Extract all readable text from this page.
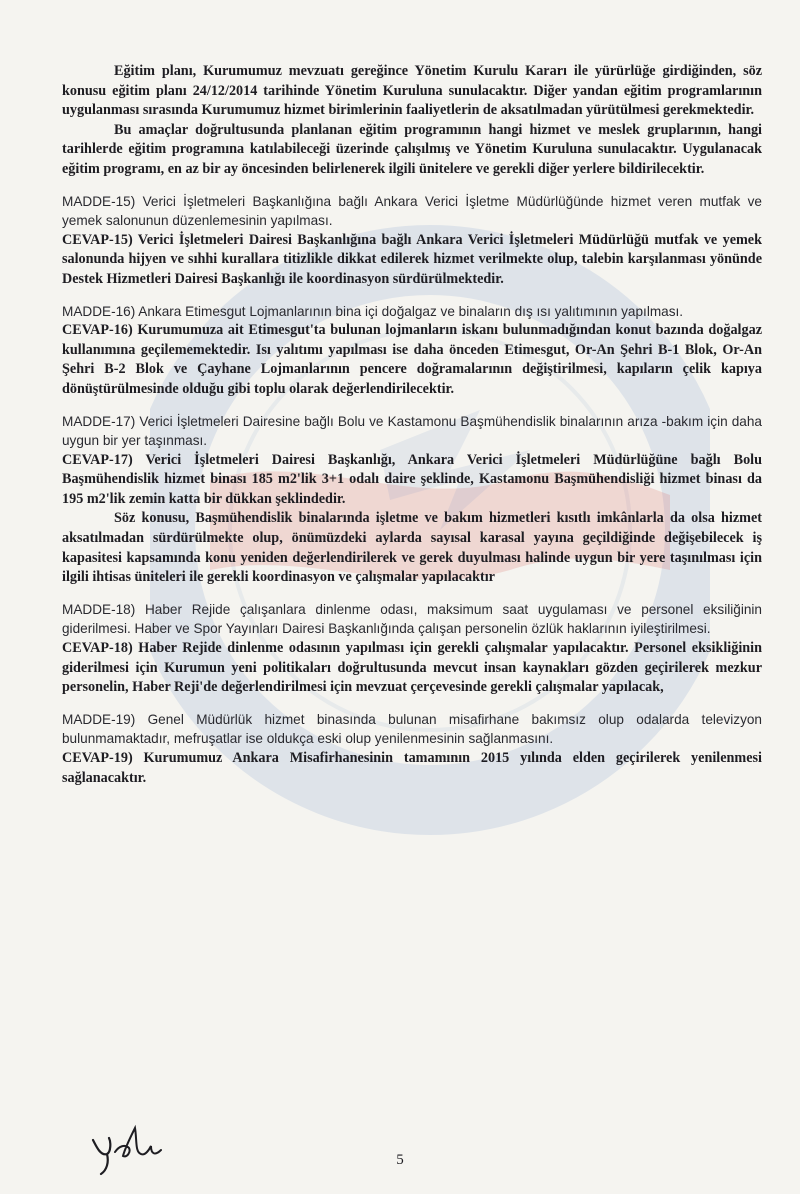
Eğitim planı, Kurumumuz mevzuatı gereğince Yönetim Kurulu Kararı ile yürürlüğe girdiğinden, söz konusu eğitim planı 24/12/2014 tarihinde Yönetim Kuruluna sunulacaktır. Diğer yandan eğitim programlarının uygulanması sırasında Kurumumuz hizmet birimlerinin faaliyetlerin de aksatılmadan yürütülmesi gerekmektedir.

Bu amaçlar doğrultusunda planlanan eğitim programının hangi hizmet ve meslek gruplarının, hangi tarihlerde eğitim programına katılabileceği üzerinde çalışılmış ve Yönetim Kuruluna sunulacaktır. Uygulanacak eğitim programı, en az bir ay öncesinden belirlenerek ilgili ünitelere ve gerekli diğer yerlere bildirilecektir.

MADDE-15) Verici İşletmeleri Başkanlığına bağlı Ankara Verici İşletme Müdürlüğünde hizmet veren mutfak ve yemek salonunun düzenlemesinin yapılması.

CEVAP-15) Verici İşletmeleri Dairesi Başkanlığına bağlı Ankara Verici İşletmeleri Müdürlüğü mutfak ve yemek salonunda hijyen ve sıhhi kurallara titizlikle dikkat edilerek hizmet verilmekte olup, talebin karşılanması yönünde Destek Hizmetleri Dairesi Başkanlığı ile koordinasyon sürdürülmektedir.

MADDE-16) Ankara Etimesgut Lojmanlarının bina içi doğalgaz ve binaların dış ısı yalıtımının yapılması.

CEVAP-16) Kurumumuza ait Etimesgut'ta bulunan lojmanların iskanı bulunmadığından konut bazında doğalgaz kullanımına geçilememektedir. Isı yalıtımı yapılması ise daha önceden Etimesgut, Or-An Şehri B-1 Blok, Or-An Şehri B-2 Blok ve Çayhane Lojmanlarının pencere doğramalarının değiştirilmesi, kapıların çelik kapıya dönüştürülmesinde olduğu gibi toplu olarak değerlendirilecektir.

MADDE-17) Verici İşletmeleri Dairesine bağlı Bolu ve Kastamonu Başmühendislik binalarının arıza -bakım için daha uygun bir yer taşınması.

CEVAP-17) Verici İşletmeleri Dairesi Başkanlığı, Ankara Verici İşletmeleri Müdürlüğüne bağlı Bolu Başmühendislik hizmet binası 185 m2'lik 3+1 odalı daire şeklinde, Kastamonu Başmühendisliği hizmet binası da 195 m2'lik zemin katta bir dükkan şeklindedir.

Söz konusu, Başmühendislik binalarında işletme ve bakım hizmetleri kısıtlı imkânlarla da olsa hizmet aksatılmadan sürdürülmekte olup, önümüzdeki aylarda sayısal karasal yayına geçildiğinde değişebilecek iş kapasitesi kapsamında konu yeniden değerlendirilerek ve gerek duyulması halinde uygun bir yere taşınılması için ilgili ihtisas üniteleri ile gerekli koordinasyon ve çalışmalar yapılacaktır

MADDE-18) Haber Rejide çalışanlara dinlenme odası, maksimum saat uygulaması ve personel eksiliğinin giderilmesi. Haber ve Spor Yayınları Dairesi Başkanlığında çalışan personelin özlük haklarının iyileştirilmesi.

CEVAP-18) Haber Rejide dinlenme odasının yapılması için gerekli çalışmalar yapılacaktır. Personel eksikliğinin giderilmesi için Kurumun yeni politikaları doğrultusunda mevcut insan kaynakları gözden geçirilerek mezkur personelin, Haber Reji'de değerlendirilmesi için mevzuat çerçevesinde gerekli çalışmalar yapılacak,

MADDE-19) Genel Müdürlük hizmet binasında bulunan misafirhane bakımsız olup odalarda televizyon bulunmamaktadır, mefruşatlar ise oldukça eski olup yenilenmesinin sağlanmasını.

CEVAP-19) Kurumumuz Ankara Misafirhanesinin tamamının 2015 yılında elden geçirilerek yenilenmesi sağlanacaktır.

5
